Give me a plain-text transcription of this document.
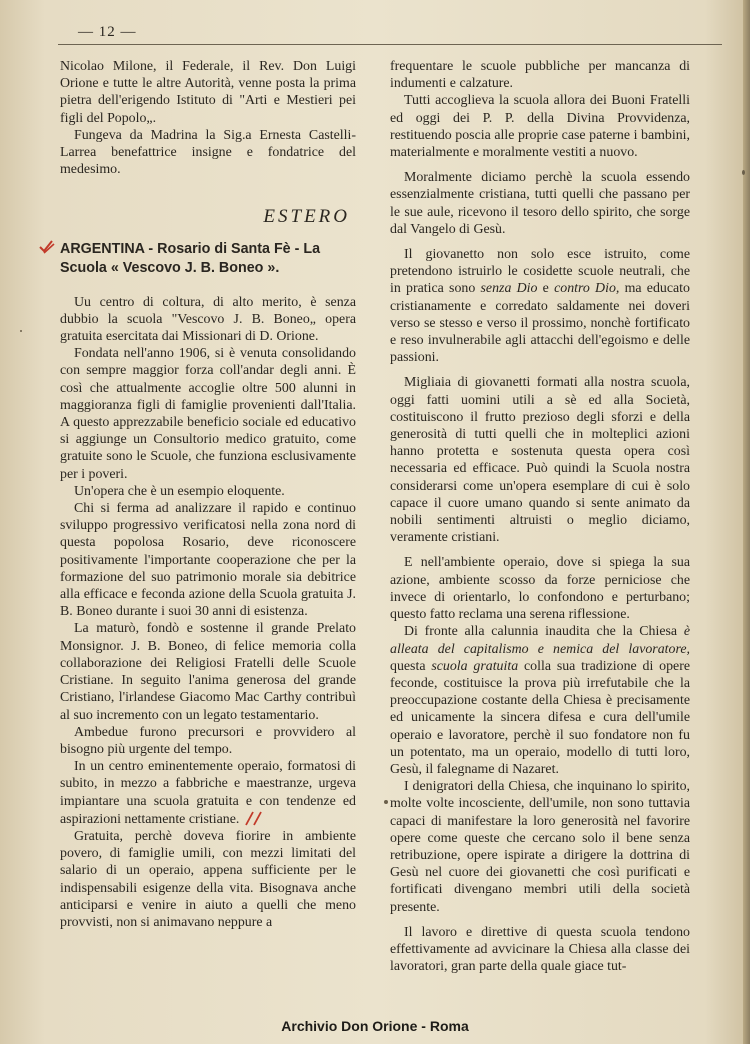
— 12 —

Nicolao Milone, il Federale, il Rev. Don Luigi Orione e tutte le altre Autorità, venne posta la prima pietra dell'erigendo Istituto di "Arti e Mestieri pei figli del Popolo„.

Fungeva da Madrina la Sig.a Ernesta Castelli-Larrea benefattrice insigne e fondatrice del medesimo.

ESTERO
ARGENTINA - Rosario di Santa Fè - La Scuola « Vescovo J. B. Boneo ».

Uu centro di coltura, di alto merito, è senza dubbio la scuola "Vescovo J. B. Boneo„ opera gratuita esercitata dai Missionari di D. Orione.

Fondata nell'anno 1906, si è venuta consolidando con sempre maggior forza coll'andar degli anni. È così che attualmente accoglie oltre 500 alunni in maggioranza figli di famiglie provenienti dall'Italia. A questo apprezzabile beneficio sociale ed educativo si aggiunge un Consultorio medico gratuito, come gratuite sono le Scuole, che funziona esclusivamente per i poveri.

Un'opera che è un esempio eloquente.

Chi si ferma ad analizzare il rapido e continuo sviluppo progressivo verificatosi nella zona nord di questa popolosa Rosario, deve riconoscere positivamente l'importante cooperazione che per la formazione del suo patrimonio morale sia debitrice alla efficace e feconda azione della Scuola gratuita J. B. Boneo durante i suoi 30 anni di esistenza.

La maturò, fondò e sostenne il grande Prelato Monsignor. J. B. Boneo, di felice memoria colla collaborazione dei Religiosi Fratelli delle Scuole Cristiane. In seguito l'anima generosa del grande Cristiano, l'irlandese Giacomo Mac Carthy contribuì al suo incremento con un legato testamentario.

Ambedue furono precursori e provvidero al bisogno più urgente del tempo.

In un centro eminentemente operaio, formatosi di subito, in mezzo a fabbriche e maestranze, urgeva impiantare una scuola gratuita e con tendenze ed aspirazioni nettamente cristiane.

Gratuita, perchè doveva fiorire in ambiente povero, di famiglie umili, con mezzi limitati del salario di un operaio, appena sufficiente per le indispensabili esigenze della vita. Bisognava anche anticiparsi e venire in aiuto a quelli che meno provvisti, non si animavano neppure a

frequentare le scuole pubbliche per mancanza di indumenti e calzature.

Tutti accoglieva la scuola allora dei Buoni Fratelli ed oggi dei P. P. della Divina Provvidenza, restituendo poscia alle proprie case paterne i bambini, materialmente e moralmente vestiti a nuovo.

Moralmente diciamo perchè la scuola essendo essenzialmente cristiana, tutti quelli che passano per le sue aule, ricevono il tesoro dello spirito, che sorge dal Vangelo di Gesù.

Il giovanetto non solo esce istruito, come pretendono istruirlo le cosidette scuole neutrali, che in pratica sono senza Dio e contro Dio, ma educato cristianamente e corredato saldamente nei doveri verso se stesso e verso il prossimo, nonchè fortificato e reso invulnerabile agli attacchi dell'egoismo e delle passioni.

Migliaia di giovanetti formati alla nostra scuola, oggi fatti uomini utili a sè ed alla Società, costituiscono il frutto prezioso degli sforzi e della generosità di tutti quelli che in molteplici azioni hanno protetta e sostenuta questa opera così necessaria ed efficace. Può quindi la Scuola nostra considerarsi come un'opera esemplare di cui è solo capace il cuore umano quando si sente animato da nobili sentimenti altruisti o meglio diciamo, veramente cristiani.

E nell'ambiente operaio, dove si spiega la sua azione, ambiente scosso da forze perniciose che invece di orientarlo, lo confondono e perturbano; questo fatto reclama una serena riflessione.

Di fronte alla calunnia inaudita che la Chiesa è alleata del capitalismo e nemica del lavoratore, questa scuola gratuita colla sua tradizione di opere feconde, costituisce la prova più irrefutabile che la preoccupazione costante della Chiesa è precisamente ed unicamente la sincera difesa e cura dell'umile operaio e lavoratore, perchè il suo fondatore non fu un potentato, ma un operaio, modello di tutti loro, Gesù, il falegname di Nazaret.

I denigratori della Chiesa, che inquinano lo spirito, molte volte incosciente, dell'umile, non sono tuttavia capaci di manifestare la loro generosità nel favorire opere come queste che cercano solo il bene senza retribuzione, opere ispirate a dirigere la dottrina di Gesù nel cuore dei giovanetti che così purificati e fortificati divengano membri utili della società presente.

Il lavoro e direttive di questa scuola tendono effettivamente ad avvicinare la Chiesa alla classe dei lavoratori, gran parte della quale giace tut-

Archivio Don Orione - Roma
